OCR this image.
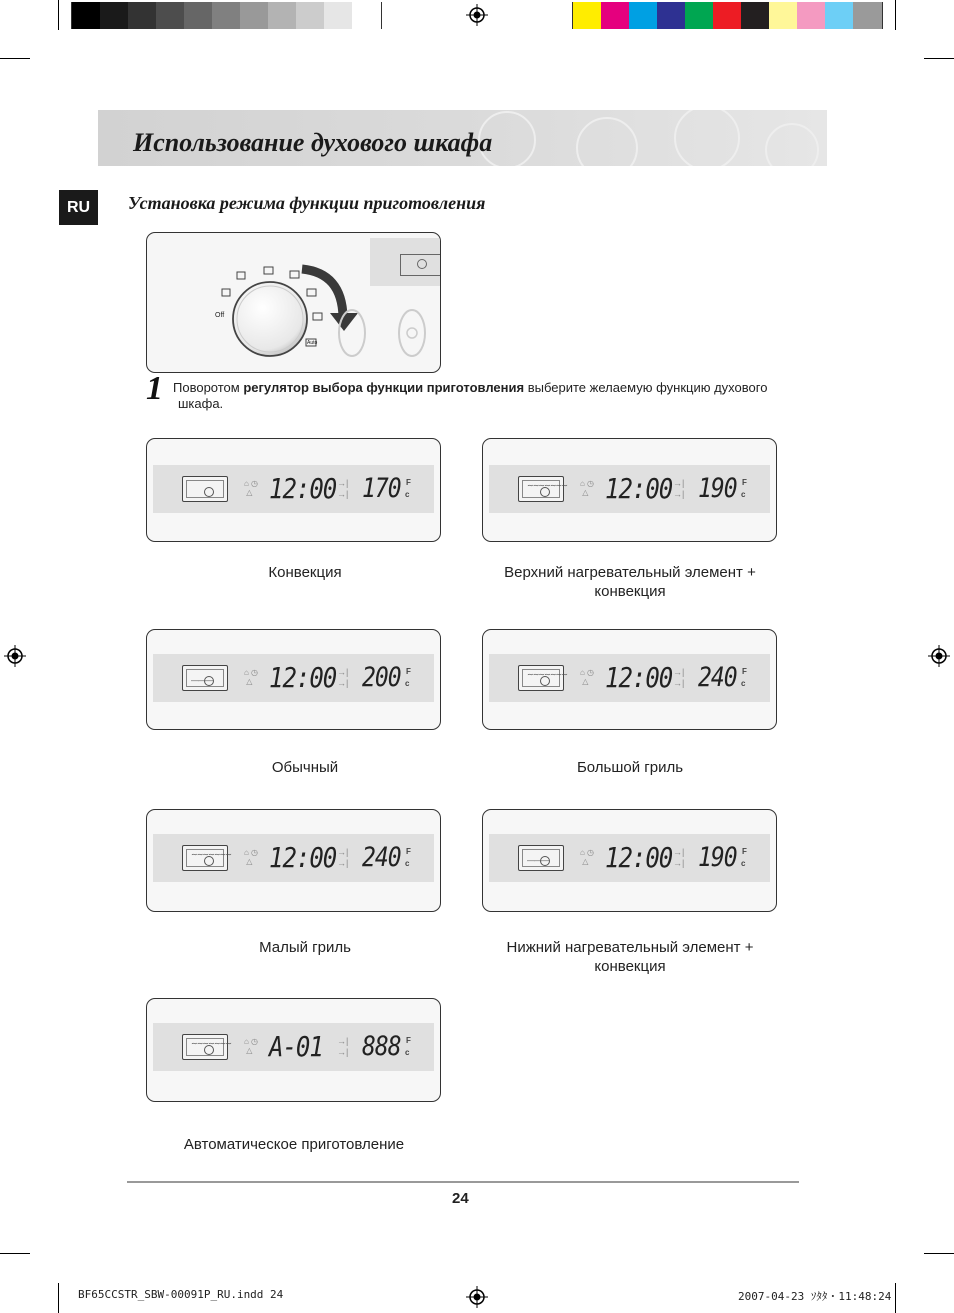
Использование духового шкафа
RU	Установка режима функции приготовления
Off
Auto
1 Поворотом регулятор выбора функции приготовления выберите желаемую функцию духового
шкафа.
⌂ ◷
△ 12:00 →|
→| 170 F
c
Конвекция
∼∼∼∼∼∼∼ ⌂ ◷
△ 12:00 →|
→| 190 F
c
Верхний нагревательный элемент +
конвекция
———
⌂ ◷
△ 12:00 →|
→| 200 F
c
Обычный
∼∼∼∼∼∼∼ ⌂ ◷
△ 12:00 →|
→| 240 F
c
Большой гриль
∼∼∼∼∼∼∼ ⌂ ◷
△ 12:00 →|
→| 240 F
c
Малый гриль
———
⌂ ◷
△ 12:00 →|
→| 190 F
c
Нижний нагревательный элемент +
конвекция
∼∼∼∼∼∼∼ ⌂ ◷
△ A-01 →|
→| 888 F
c
Автоматическое приготовление
24
BF65CCSTR_SBW-00091P_RU.indd 24	2007-04-23 ｿﾀﾀ・11:48:24
